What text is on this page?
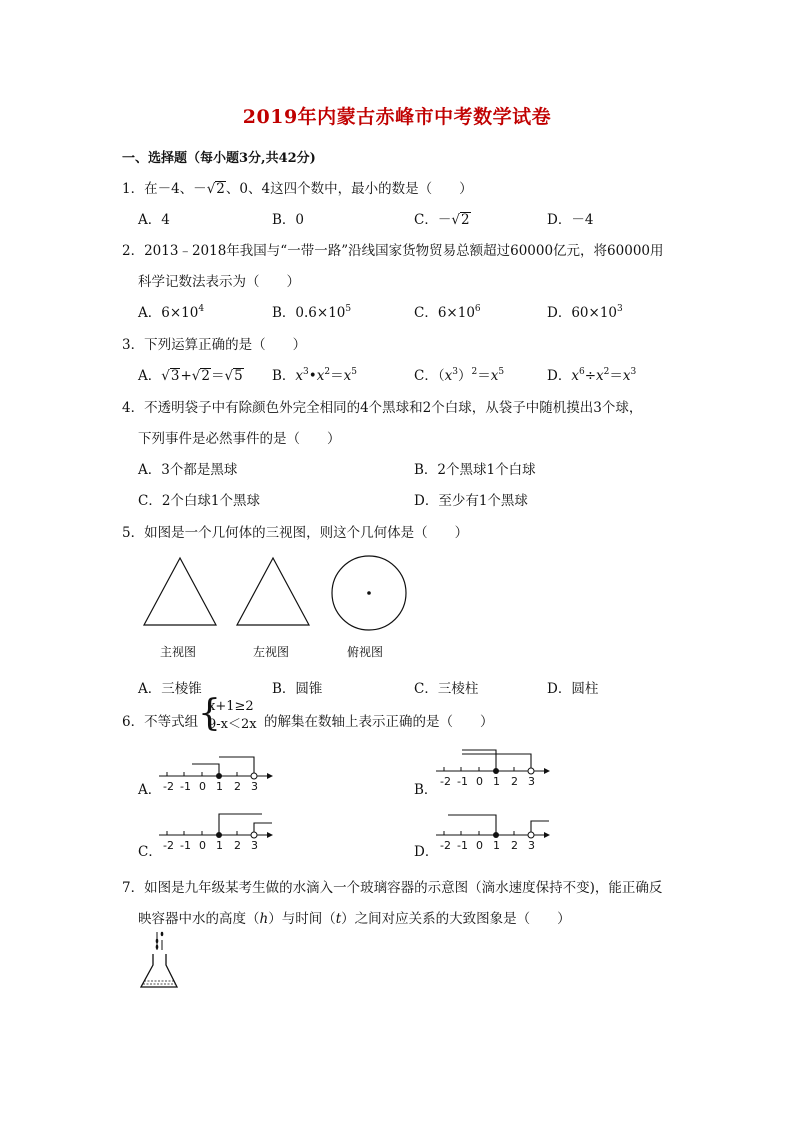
2019年内蒙古赤峰市中考数学试卷
一、选择题（每小题3分,共42分)
1．在－4、－√2、0、4这四个数中，最小的数是（　　）
A．4	B．0	C．－√2	D．－4
2．2013﹣2018年我国与“一带一路”沿线国家货物贸易总额超过60000亿元，将60000用
科学记数法表示为（　　）
A．$6\times 10^4$	B．$0.6\times 10^5$	C．$6\times 10^6$	D．$60\times 10^3$
3．下列运算正确的是（　　）
A．√3+√2＝√5 B．$x^3•x^2=x^5$	C．$(x^3)^2=x^5$	D．$x^6\div x^2=x^3$
4．不透明袋子中有除颜色外完全相同的4个黑球和2个白球，从袋子中随机摸出3个球，
下列事件是必然事件的是（　　）
A．3个都是黑球	B．2个黑球1个白球
C．2个白球1个黑球	D．至少有1个黑球
5．如图是一个几何体的三视图，则这个几何体是（　　）
主视图	左视图	俯视图
A．三棱锥	B．圆锥	C．三棱柱	D．圆柱
6．不等式组 {
x+1≥2
9-x＜2x 的解集在数轴上表示正确的是（　　）
A． -2 -1 0 1 2 3	B．
-2 -1 0 1 2 3
C． -2 -1 0 1 2 3	D． -2 -1 0 1 2 3
7．如图是九年级某考生做的水滴入一个玻璃容器的示意图（滴水速度保持不变)，能正确反
映容器中水的高度（h）与时间（t）之间对应关系的大致图象是（　　）
